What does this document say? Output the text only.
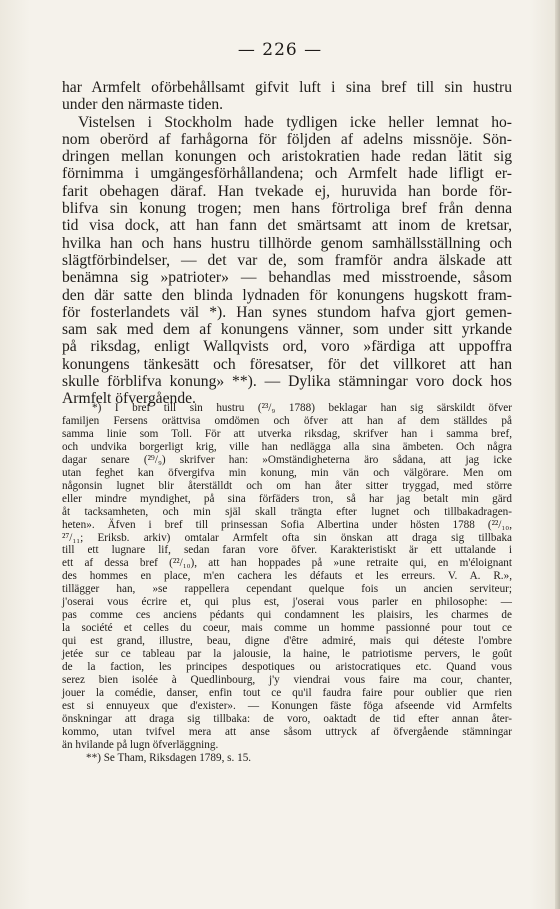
— 226 —
har Armfelt oförbehållsamt gifvit luft i sina bref till sin hustru
under den närmaste tiden.
Vistelsen i Stockholm hade tydligen icke heller lemnat ho-
nom oberörd af farhågorna för följden af adelns missnöje. Sön-
dringen mellan konungen och aristokratien hade redan lätit sig
förnimma i umgängesförhållandena; och Armfelt hade lifligt er-
farit obehagen däraf. Han tvekade ej, huruvida han borde för-
blifva sin konung trogen; men hans förtroliga bref från denna
tid visa dock, att han fann det smärtsamt att inom de kretsar,
hvilka han och hans hustru tillhörde genom samhällsställning och
slägtförbindelser, — det var de, som framför andra älskade att
benämna sig »patrioter» — behandlas med misstroende, såsom
den där satte den blinda lydnaden för konungens hugskott fram-
för fosterlandets väl *). Han synes stundom hafva gjort gemen-
sam sak med dem af konungens vänner, som under sitt yrkande
på riksdag, enligt Wallqvists ord, voro »färdiga att uppoffra
konungens tänkesätt och föresatser, för det villkoret att han
skulle förblifva konung» **). — Dylika stämningar voro dock hos
Armfelt öfvergående.
*) I bref till sin hustru (²³/₉ 1788) beklagar han sig särskildt öfver
familjen Fersens orättvisa omdömen och öfver att han af dem ställdes på
samma linie som Toll. För att utverka riksdag, skrifver han i samma bref,
och undvika borgerligt krig, ville han nedlägga alla sina ämbeten. Och några
dagar senare (²⁹/₉) skrifver han: »Omständigheterna äro sådana, att jag icke
utan feghet kan öfvergifva min konung, min vän och välgörare. Men om
någonsin lugnet blir återställdt och om han åter sitter tryggad, med större
eller mindre myndighet, på sina förfäders tron, så har jag betalt min gärd
åt tacksamheten, och min själ skall trängta efter lugnet och tillbakadragen-
heten». Äfven i bref till prinsessan Sofia Albertina under hösten 1788 (²²/₁₀,
²⁷/₁₁; Eriksb. arkiv) omtalar Armfelt ofta sin önskan att draga sig tillbaka
till ett lugnare lif, sedan faran vore öfver. Karakteristiskt är ett uttalande i
ett af dessa bref (²²/₁₀), att han hoppades på »une retraite qui, en m'éloignant
des hommes en place, m'en cachera les défauts et les erreurs. V. A. R.»,
tillägger han, »se rappellera cependant quelque fois un ancien serviteur;
j'oserai vous écrire et, qui plus est, j'oserai vous parler en philosophe: —
pas comme ces anciens pédants qui condamnent les plaisirs, les charmes de
la société et celles du coeur, mais comme un homme passionné pour tout ce
qui est grand, illustre, beau, digne d'être admiré, mais qui déteste l'ombre
jetée sur ce tableau par la jalousie, la haine, le patriotisme pervers, le goût
de la faction, les principes despotiques ou aristocratiques etc. Quand vous
serez bien isolée à Quedlinbourg, j'y viendrai vous faire ma cour, chanter,
jouer la comédie, danser, enfin tout ce qu'il faudra faire pour oublier que rien
est si ennuyeux que d'exister». — Konungen fäste föga afseende vid Armfelts
önskningar att draga sig tillbaka: de voro, oaktadt de tid efter annan åter-
kommo, utan tvifvel mera att anse såsom uttryck af öfvergående stämningar
än hvilande på lugn öfverläggning.
**) Se Tham, Riksdagen 1789, s. 15.
